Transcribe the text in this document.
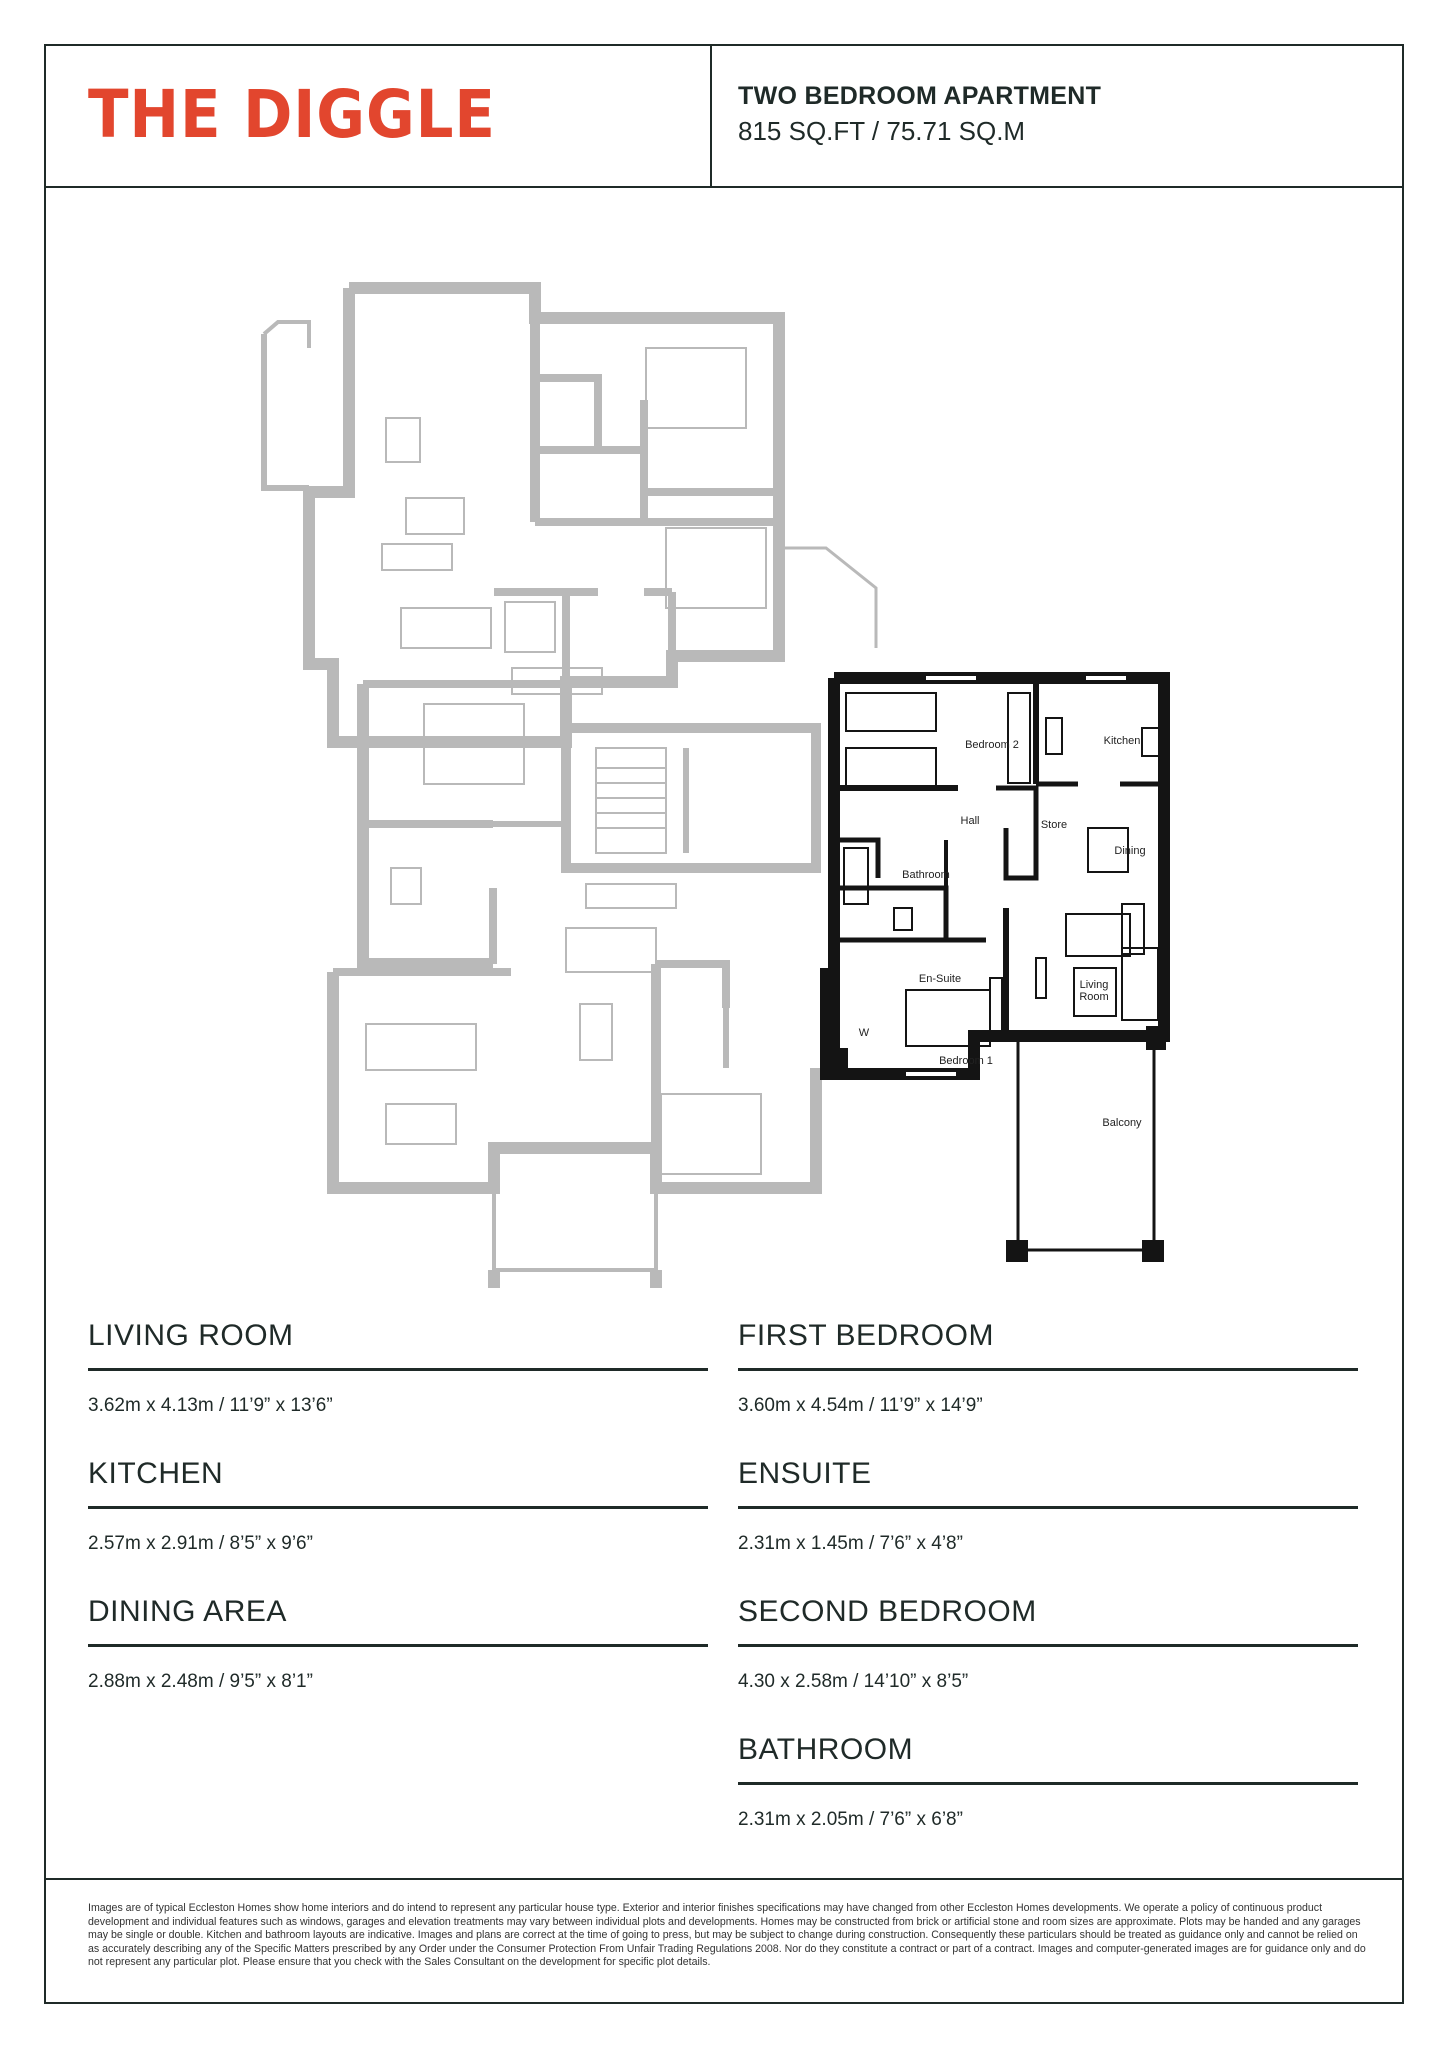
THE DIGGLE	TWO BEDROOM APARTMENT
815 SQ.FT / 75.71 SQ.M
Bedroom 2	Kitchen
Hall	Store
Dining
Bathroom
En-Suite	Living
Room
W
Bedroom 1
Balcony
LIVING ROOM
3.62m x 4.13m / 11’9” x 13’6”
KITCHEN
2.57m x 2.91m / 8’5” x 9’6”
DINING AREA
2.88m x 2.48m / 9’5” x 8’1”
FIRST BEDROOM
3.60m x 4.54m / 11’9” x 14’9”
ENSUITE
2.31m x 1.45m / 7’6” x 4’8”
SECOND BEDROOM
4.30 x 2.58m / 14’10” x 8’5”
BATHROOM
2.31m x 2.05m / 7’6” x 6’8”
Images are of typical Eccleston Homes show home interiors and do intend to represent any particular house type. Exterior and interior finishes specifications may have changed from other Eccleston Homes developments. We operate a policy of continuous product development and individual features such as windows, garages and elevation treatments may vary between individual plots and developments. Homes may be constructed from brick or artificial stone and room sizes are approximate. Plots may be handed and any garages may be single or double. Kitchen and bathroom layouts are indicative. Images and plans are correct at the time of going to press, but may be subject to change during construction. Consequently these particulars should be treated as guidance only and cannot be relied on as accurately describing any of the Specific Matters prescribed by any Order under the Consumer Protection From Unfair Trading Regulations 2008. Nor do they constitute a contract or part of a contract. Images and computer-generated images are for guidance only and do not represent any particular plot. Please ensure that you check with the Sales Consultant on the development for specific plot details.
